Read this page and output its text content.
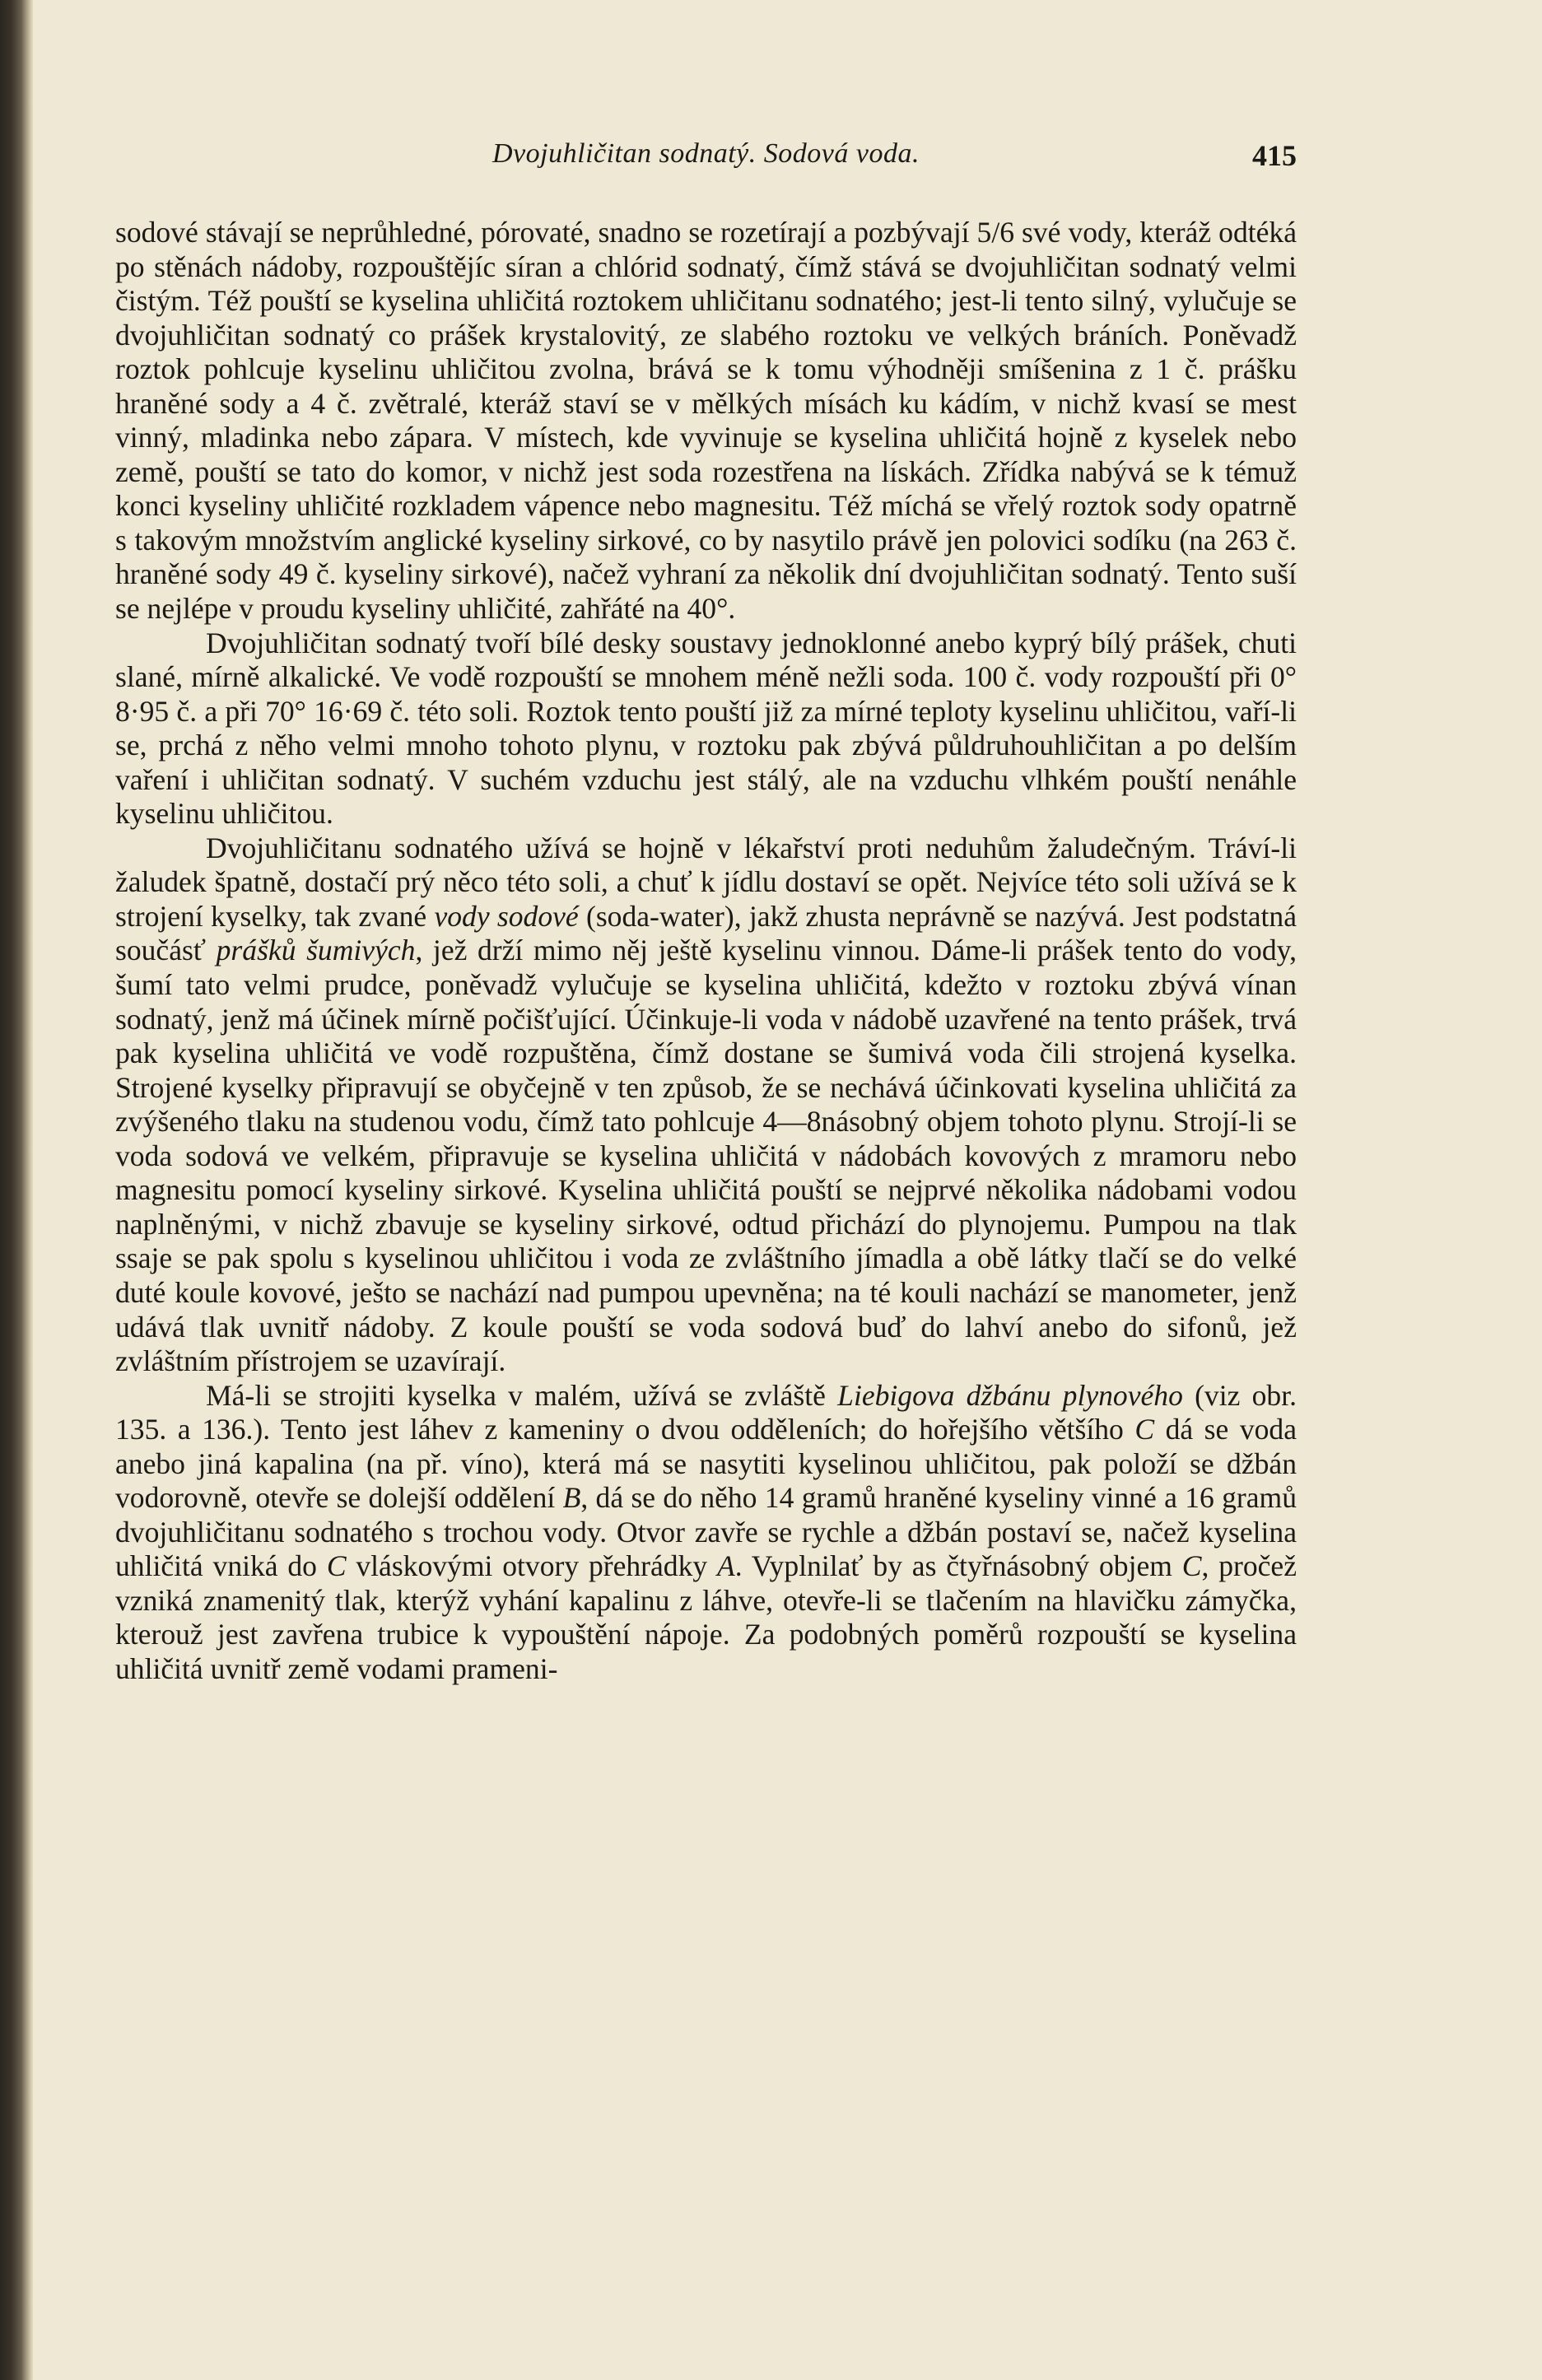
Dvojuhličitan sodnatý. Sodová voda.	415

sodové stávají se neprůhledné, pórovaté, snadno se rozetírají a pozbývají 5/6 své vody, kteráž odtéká po stěnách nádoby, rozpouštějíc síran a chlórid sodnatý, čímž stává se dvojuhličitan sodnatý velmi čistým. Též pouští se kyselina uhličitá roztokem uhličitanu sodnatého; jest-li tento silný, vylučuje se dvojuhličitan sodnatý co prášek krystalovitý, ze slabého roztoku ve velkých bráních. Poněvadž roztok pohlcuje kyselinu uhličitou zvolna, brává se k tomu výhodněji smíšenina z 1 č. prášku hraněné sody a 4 č. zvětralé, kteráž staví se v mělkých mísách ku kádím, v nichž kvasí se mest vinný, mladinka nebo zápara. V místech, kde vyvinuje se kyselina uhličitá hojně z kyselek nebo země, pouští se tato do komor, v nichž jest soda rozestřena na lískách. Zřídka nabývá se k témuž konci kyseliny uhličité rozkladem vápence nebo magnesitu. Též míchá se vřelý roztok sody opatrně s takovým množstvím anglické kyseliny sirkové, co by nasytilo právě jen polovici sodíku (na 263 č. hraněné sody 49 č. kyseliny sirkové), načež vyhraní za několik dní dvojuhličitan sodnatý. Tento suší se nejlépe v proudu kyseliny uhličité, zahřáté na 40°.

Dvojuhličitan sodnatý tvoří bílé desky soustavy jednoklonné anebo kyprý bílý prášek, chuti slané, mírně alkalické. Ve vodě rozpouští se mnohem méně nežli soda. 100 č. vody rozpouští při 0° 8·95 č. a při 70° 16·69 č. této soli. Roztok tento pouští již za mírné teploty kyselinu uhličitou, vaří-li se, prchá z něho velmi mnoho tohoto plynu, v roztoku pak zbývá půldruhouhličitan a po delším vaření i uhličitan sodnatý. V suchém vzduchu jest stálý, ale na vzduchu vlhkém pouští nenáhle kyselinu uhličitou.

Dvojuhličitanu sodnatého užívá se hojně v lékařství proti neduhům žaludečným. Tráví-li žaludek špatně, dostačí prý něco této soli, a chuť k jídlu dostaví se opět. Nejvíce této soli užívá se k strojení kyselky, tak zvané vody sodové (soda-water), jakž zhusta neprávně se nazývá. Jest podstatná součásť prášků šumivých, jež drží mimo něj ještě kyselinu vinnou. Dáme-li prášek tento do vody, šumí tato velmi prudce, poněvadž vylučuje se kyselina uhličitá, kdežto v roztoku zbývá vínan sodnatý, jenž má účinek mírně počišťující. Účinkuje-li voda v nádobě uzavřené na tento prášek, trvá pak kyselina uhličitá ve vodě rozpuštěna, čímž dostane se šumivá voda čili strojená kyselka. Strojené kyselky připravují se obyčejně v ten způsob, že se nechává účinkovati kyselina uhličitá za zvýšeného tlaku na studenou vodu, čímž tato pohlcuje 4—8násobný objem tohoto plynu. Strojí-li se voda sodová ve velkém, připravuje se kyselina uhličitá v nádobách kovových z mramoru nebo magnesitu pomocí kyseliny sirkové. Kyselina uhličitá pouští se nejprvé několika nádobami vodou naplněnými, v nichž zbavuje se kyseliny sirkové, odtud přichází do plynojemu. Pumpou na tlak ssaje se pak spolu s kyselinou uhličitou i voda ze zvláštního jímadla a obě látky tlačí se do velké duté koule kovové, ješto se nachází nad pumpou upevněna; na té kouli nachází se manometer, jenž udává tlak uvnitř nádoby. Z koule pouští se voda sodová buď do lahví anebo do sifonů, jež zvláštním přístrojem se uzavírají.

Má-li se strojiti kyselka v malém, užívá se zvláště Liebigova džbánu plynového (viz obr. 135. a 136.). Tento jest láhev z kameniny o dvou odděleních; do hořejšího většího C dá se voda anebo jiná kapalina (na př. víno), která má se nasytiti kyselinou uhličitou, pak položí se džbán vodorovně, otevře se dolejší oddělení B, dá se do něho 14 gramů hraněné kyseliny vinné a 16 gramů dvojuhličitanu sodnatého s trochou vody. Otvor zavře se rychle a džbán postaví se, načež kyselina uhličitá vniká do C vláskovými otvory přehrádky A. Vyplnilať by as čtyřnásobný objem C, pročež vzniká znamenitý tlak, kterýž vyhání kapalinu z láhve, otevře-li se tlačením na hlavičku zámyčka, kterouž jest zavřena trubice k vypouštění nápoje. Za podobných poměrů rozpouští se kyselina uhličitá uvnitř země vodami prameni-
